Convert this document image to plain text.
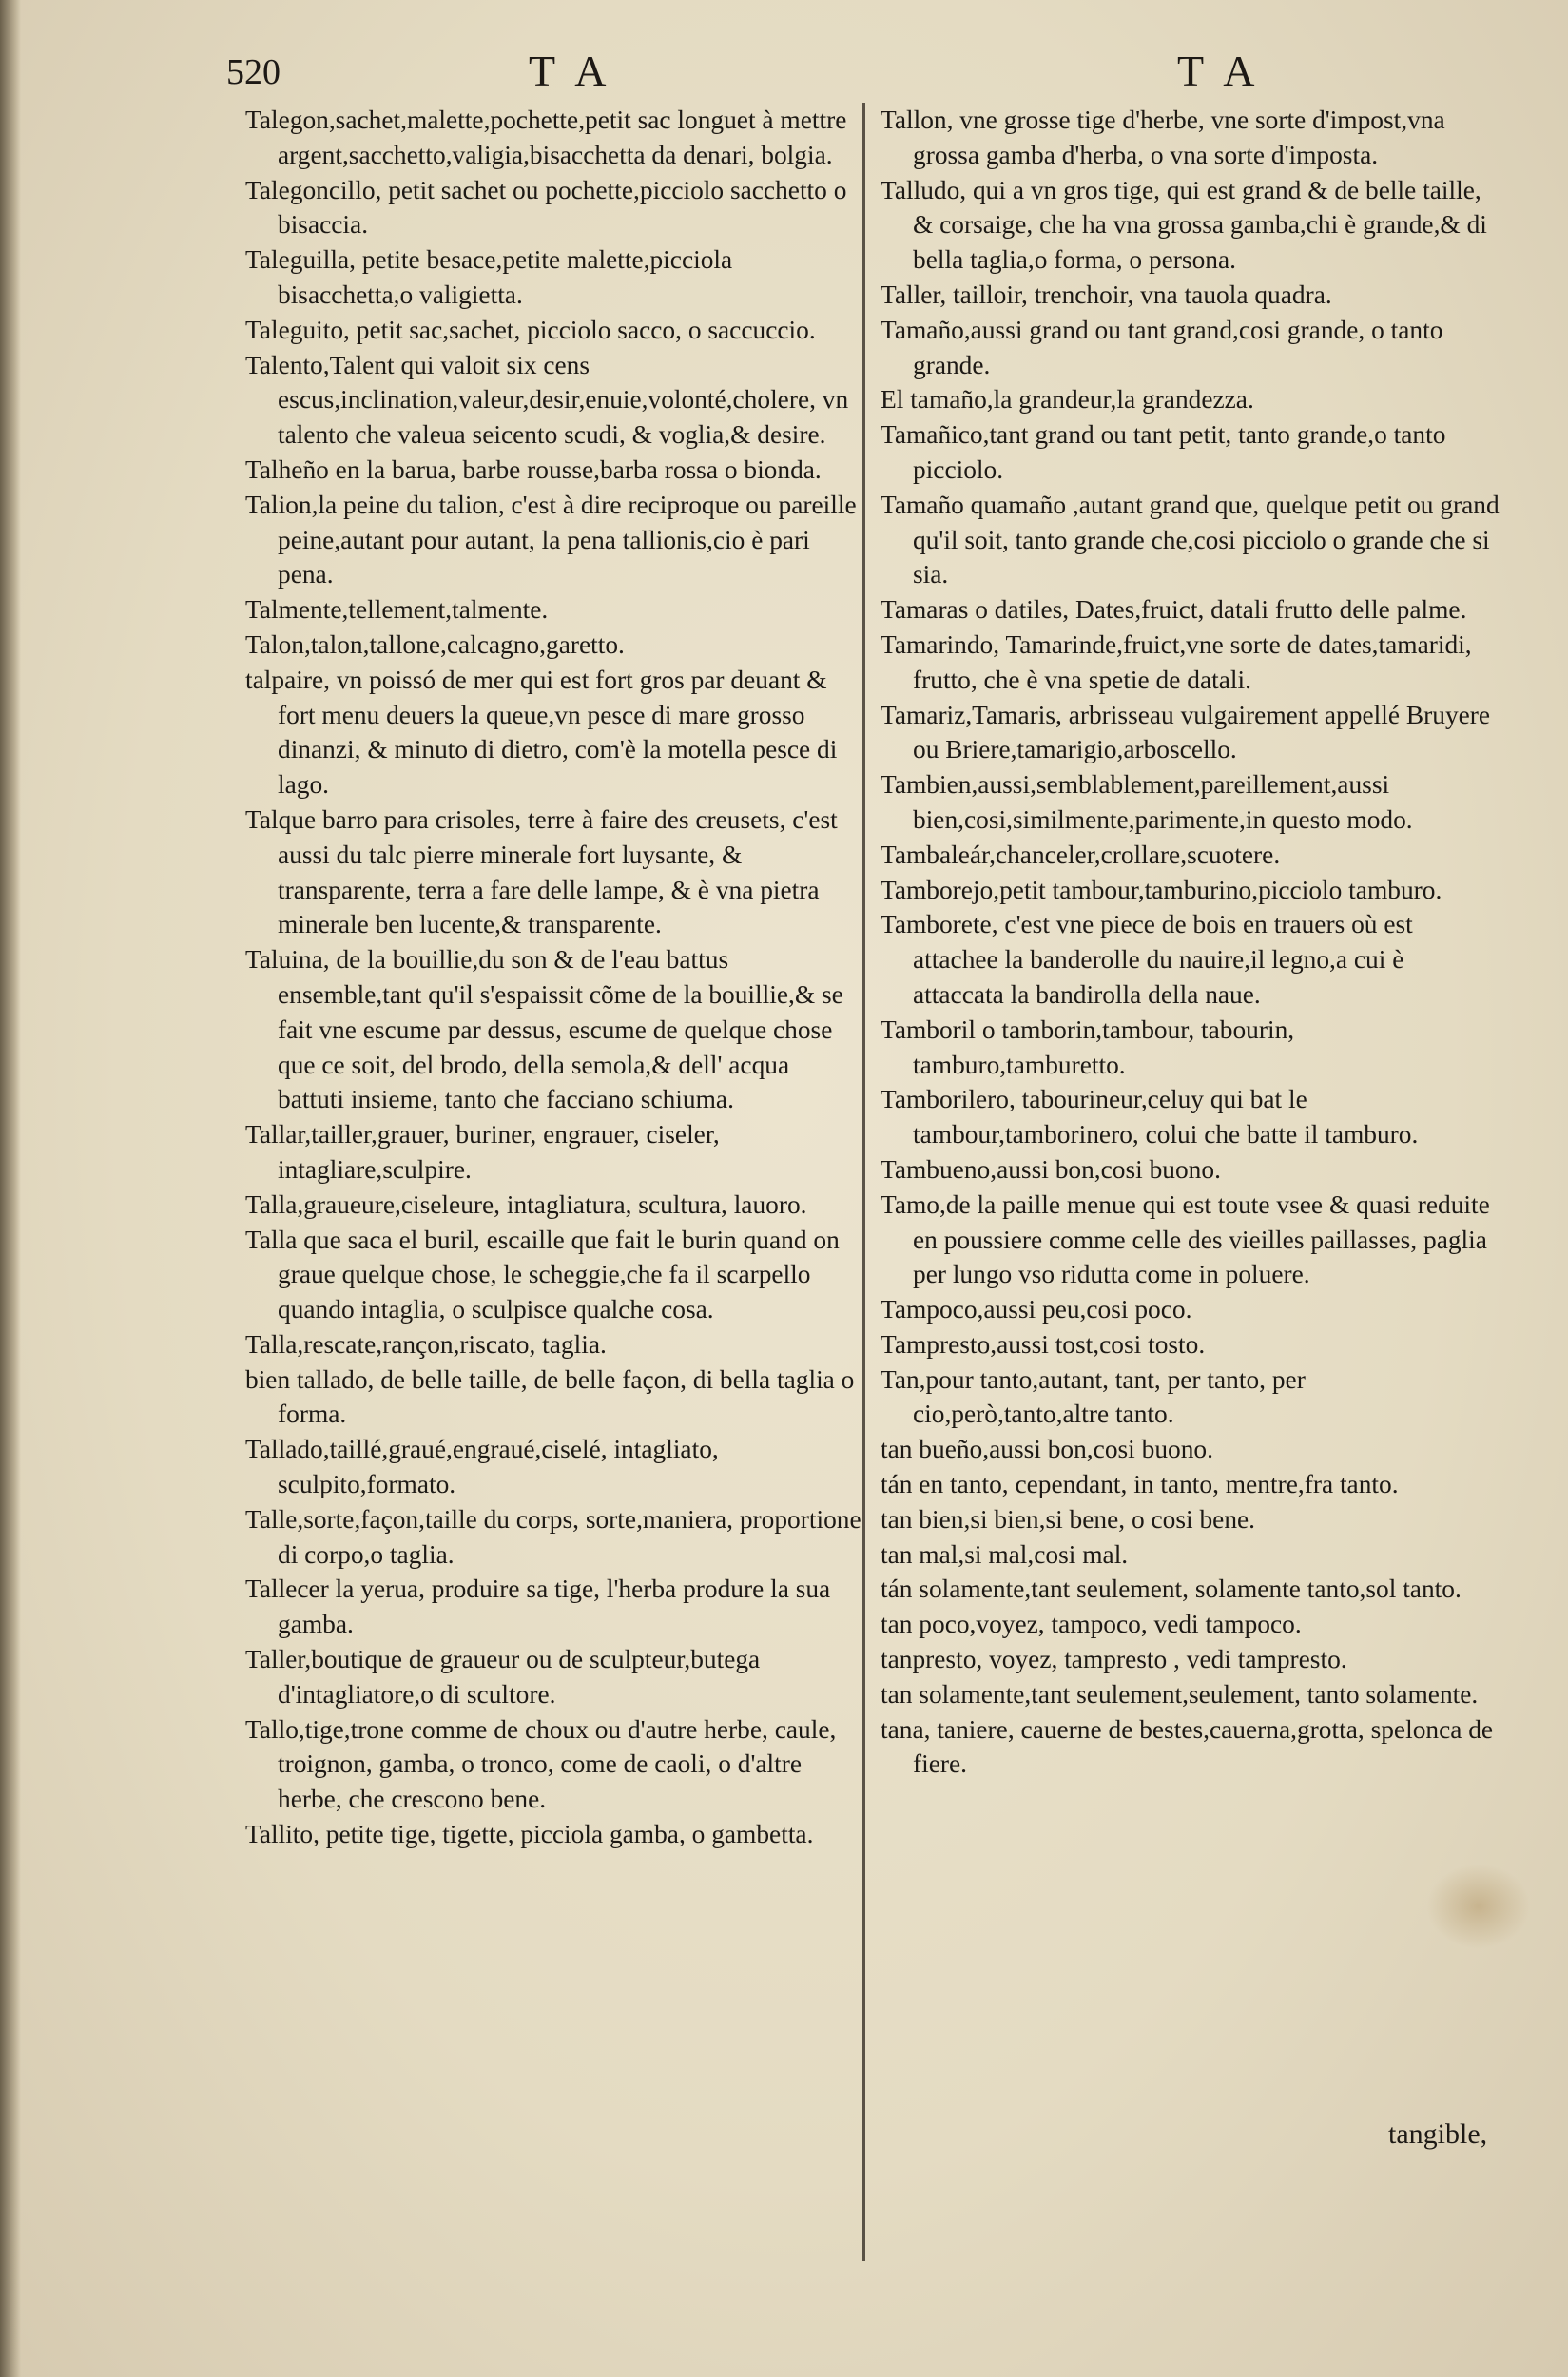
520	T A	T A

Talegon,sachet,malette,pochette,petit sac longuet à mettre argent,sacchetto,valigia,bisacchetta da denari, bolgia.

Talegoncillo, petit sachet ou pochette,picciolo sacchetto o bisaccia.

Taleguilla, petite besace,petite malette,picciola bisacchetta,o valigietta.

Taleguito, petit sac,sachet, picciolo sacco, o saccuccio.

Talento,Talent qui valoit six cens escus,inclination,valeur,desir,enuie,volonté,cholere, vn talento che valeua seicento scudi, & voglia,& desire.

Talheño en la barua, barbe rousse,barba rossa o bionda.

Talion,la peine du talion, c'est à dire reciproque ou pareille peine,autant pour autant, la pena tallionis,cio è pari pena.

Talmente,tellement,talmente.

Talon,talon,tallone,calcagno,garetto.

talpaire, vn poissó de mer qui est fort gros par deuant & fort menu deuers la queue,vn pesce di mare grosso dinanzi, & minuto di dietro, com'è la motella pesce di lago.

Talque barro para crisoles, terre à faire des creusets, c'est aussi du talc pierre minerale fort luysante, & transparente, terra a fare delle lampe, & è vna pietra minerale ben lucente,& transparente.

Taluina, de la bouillie,du son & de l'eau battus ensemble,tant qu'il s'espaissit cõme de la bouillie,& se fait vne escume par dessus, escume de quelque chose que ce soit, del brodo, della semola,& dell' acqua battuti insieme, tanto che facciano schiuma.

Tallar,tailler,grauer, buriner, engrauer, ciseler, intagliare,sculpire.

Talla,graueure,ciseleure, intagliatura, scultura, lauoro.

Talla que saca el buril, escaille que fait le burin quand on graue quelque chose, le scheggie,che fa il scarpello quando intaglia, o sculpisce qualche cosa.

Talla,rescate,rançon,riscato, taglia.

bien tallado, de belle taille, de belle façon, di bella taglia o forma.

Tallado,taillé,graué,engraué,ciselé, intagliato, sculpito,formato.

Talle,sorte,façon,taille du corps, sorte,maniera, proportione di corpo,o taglia.

Tallecer la yerua, produire sa tige, l'herba produre la sua gamba.

Taller,boutique de graueur ou de sculpteur,butega d'intagliatore,o di scultore.

Tallo,tige,trone comme de choux ou d'autre herbe, caule, troignon, gamba, o tronco, come de caoli, o d'altre herbe, che crescono bene.

Tallito, petite tige, tigette, picciola gamba, o gambetta.

Tallon, vne grosse tige d'herbe, vne sorte d'impost,vna grossa gamba d'herba, o vna sorte d'imposta.

Talludo, qui a vn gros tige, qui est grand & de belle taille, & corsaige, che ha vna grossa gamba,chi è grande,& di bella taglia,o forma, o persona.

Taller, tailloir, trenchoir, vna tauola quadra.

Tamaño,aussi grand ou tant grand,cosi grande, o tanto grande.

El tamaño,la grandeur,la grandezza.

Tamañico,tant grand ou tant petit, tanto grande,o tanto picciolo.

Tamaño quamaño ,autant grand que, quelque petit ou grand qu'il soit, tanto grande che,cosi picciolo o grande che si sia.

Tamaras o datiles, Dates,fruict, datali frutto delle palme.

Tamarindo, Tamarinde,fruict,vne sorte de dates,tamaridi, frutto, che è vna spetie de datali.

Tamariz,Tamaris, arbrisseau vulgairement appellé Bruyere ou Briere,tamarigio,arboscello.

Tambien,aussi,semblablement,pareillement,aussi bien,cosi,similmente,parimente,in questo modo.

Tambaleár,chanceler,crollare,scuotere.

Tamborejo,petit tambour,tamburino,picciolo tamburo.

Tamborete, c'est vne piece de bois en trauers où est attachee la banderolle du nauire,il legno,a cui è attaccata la bandirolla della naue.

Tamboril o tamborin,tambour, tabourin, tamburo,tamburetto.

Tamborilero, tabourineur,celuy qui bat le tambour,tamborinero, colui che batte il tamburo.

Tambueno,aussi bon,cosi buono.

Tamo,de la paille menue qui est toute vsee & quasi reduite en poussiere comme celle des vieilles paillasses, paglia per lungo vso ridutta come in poluere.

Tampoco,aussi peu,cosi poco.

Tamprestο,aussi tost,cosi tosto.

Tan,pour tanto,autant, tant, per tanto, per cio,però,tanto,altre tanto.

tan bueño,aussi bon,cosi buono.

tán en tanto, cependant, in tanto, mentre,fra tanto.

tan bien,si bien,si bene, o cosi bene.

tan mal,si mal,cosi mal.

tán solamente,tant seulement, solamente tanto,sol tanto.

tan poco,voyez, tampoco, vedi tampoco.

tanpresto, voyez, tamprestο , vedi tamprestο.

tan solamente,tant seulement,seulement, tanto solamente.

tana, taniere, cauerne de bestes,cauerna,grotta, spelonca de fiere.

tangible,
